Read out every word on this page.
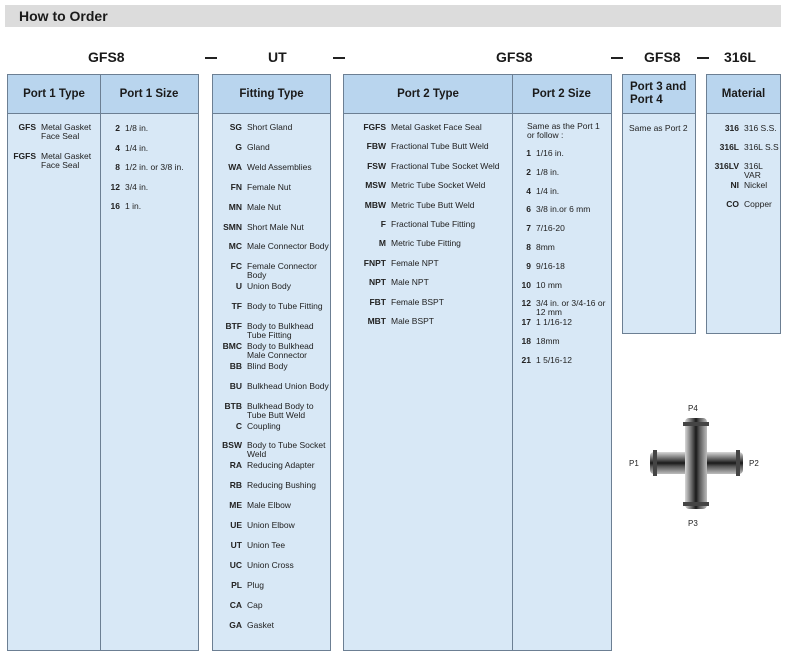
How to Order
GFS8	UT	GFS8	GFS8	316L
Port 1 Type	Port 1 Size
GFS Metal Gasket Face Seal
FGFS Metal Gasket Face Seal
2 1/8 in.
4 1/4 in.
8 1/2 in. or 3/8 in.
12 3/4 in.
16 1 in.
Fitting Type
SG Short Gland
G Gland
WA Weld Assemblies
FN Female Nut
MN Male Nut
SMN Short Male Nut
MC Male Connector Body
FC Female Connector Body
U Union Body
TF Body to Tube Fitting
BTF Body to Bulkhead Tube Fitting
BMC Body to Bulkhead Male Connector
BB Blind Body
BU Bulkhead Union Body
BTB Bulkhead Body to Tube Butt Weld
C Coupling
BSW Body to Tube Socket Weld
RA Reducing Adapter
RB Reducing Bushing
ME Male Elbow
UE Union Elbow
UT Union Tee
UC Union Cross
PL Plug
CA Cap
GA Gasket
Port 2 Type	Port 2 Size
FGFS Metal Gasket Face Seal
FBW Fractional Tube Butt Weld
FSW Fractional Tube Socket Weld
MSW Metric Tube Socket Weld
MBW Metric Tube Butt Weld
F Fractional Tube Fitting
M Metric Tube Fitting
FNPT Female NPT
NPT Male NPT
FBT Female BSPT
MBT Male BSPT
Same as the Port 1 or follow :
1 1/16 in.
2 1/8 in.
4 1/4 in.
6 3/8 in.or 6 mm
7 7/16-20
8 8mm
9 9/16-18
10 10 mm
12 3/4 in. or 3/4-16 or 12 mm
17 1 1/16-12
18 18mm
21 1 5/16-12
Port 3 and Port 4
Same as Port 2
Material
316 316 S.S.
316L 316L S.S
316LV 316L VAR
NI Nickel
CO Copper
P1	P2
P3
P4
